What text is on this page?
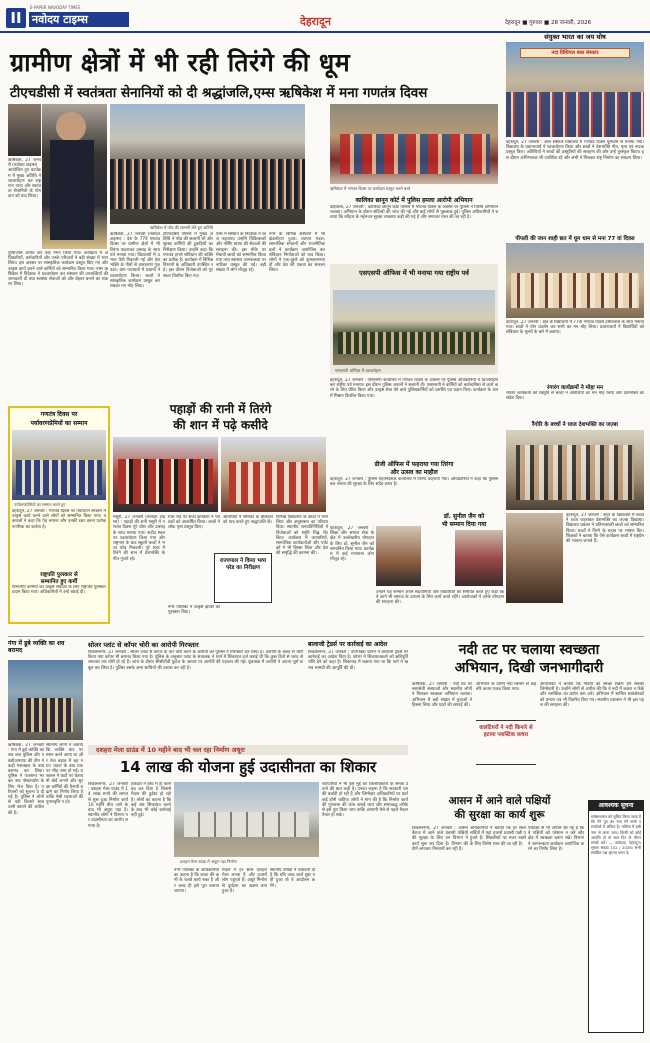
II
E-PAPER NAVODAY TIMES
नवोदय टाइम्स	देहरादून	देहरादून ■ गुरुवार ■ 28 जनवरी, 2026
ग्रामीण क्षेत्रों में भी रही तिरंगे की धूम
टीएचडीसी में स्वतंत्रता सेनानियों को दी श्रद्धांजलि,एम्स ऋषिकेश में मना गणतंत्र दिवस
संयुक्त भारत का जय घोष
नदा प्रिंसिपल बाल संस्कार
ऋषिकेश, 27 जनवरी (नवोदय टाइम्स)
आयोजित हुए कार्यक्रम में मुख्य अतिथि ने ध्वजारोहण कर राष्ट्रगान गाया और स्वतंत्रता सेनानियों के योगदान को याद किया।
पुष्पांजलि अर्पित कर उन्हें नमन किया गया। कार्यक्रम में अधिकारियों, कर्मचारियों और उनके परिजनों ने बड़ी संख्या में भाग लिया। इस अवसर पर सांस्कृतिक कार्यक्रम प्रस्तुत किए गए और उत्कृष्ट कार्य करने वाले कर्मियों को सम्मानित किया गया। एम्स ऋषिकेश में निदेशक ने ध्वजारोहण कर संस्थान की उपलब्धियों की जानकारी दी तथा स्वास्थ्य सेवाओं को और बेहतर बनाने का संकल्प लिया।
ऋषिकेश में परेड की सलामी लेते हुए अतिथि
ऋषिकेश में गणतंत्र दिवस पर कार्यक्रम प्रस्तुत करते बच्चे
ऋषिकेश, 27 जनवरी (नवोदय टाइम्स) : देश के 77वें गणतंत्र दिवस पर ग्रामीण क्षेत्रों में भी तिरंगा फहराकर उत्साह के साथ पर्व मनाया गया। विद्यालयों में प्रभात फेरी निकाली गई और देशभक्ति के गीतों से वातावरण गूंज उठा। ग्राम पंचायतों में प्रधानों ने ध्वजारोहण किया। बच्चों ने सांस्कृतिक कार्यक्रम प्रस्तुत कर सबका मन मोह लिया।
टीएचडीसी परिसर में मुख्य अतिथि ने परेड की सलामी ली और सुरक्षा कर्मियों की टुकड़ियों का निरीक्षण किया। उन्होंने कहा कि गणतंत्र हमारे संविधान की शक्ति का प्रतीक है। कार्यक्रम में विभिन्न विभागों के अधिकारी उपस्थित रहे। इस दौरान विजेताओं को पुरस्कार वितरित किए गए।
एम्स में संस्थान के निदेशक ने ध्वज फहराया। उन्होंने चिकित्सकों और नर्सिंग स्टाफ की सेवाओं की सराहना की। इस मौके पर मेधावी छात्रों को सम्मानित किया गया तथा स्वास्थ्य जागरूकता पर नाटिका प्रस्तुत की गई। बड़ी संख्या में लोग मौजूद रहे।
नगर के विभिन्न संस्थानों में भी झंडारोहण हुआ। व्यापार मंडल, सामाजिक संगठनों और राजनीतिक दलों ने कार्यक्रम आयोजित कर संविधान निर्माताओं को याद किया। लोगों ने एक-दूसरे को शुभकामनाएं दीं और देश की एकता का संकल्प लिया।
कालिका छानून कोर्ट में पुलिस हमला आरोपी अभियान
डोईवाला, 27 जनवरी : कालिका छानून कोर्ट परिसर में गणतंत्र दिवस के अवसर पर पुलिस ने विशेष अभियान चलाया। अभियान के दौरान संदिग्धों की जांच की गई और कई लोगों से पूछताछ हुई। पुलिस अधिकारियों ने बताया कि त्यौहार के मद्देनजर सुरक्षा व्यवस्था कड़ी की गई है और लगातार गश्त की जा रही है।
एसएसपी ऑफिस में भी मनाया गया राष्ट्रीय पर्व
एसएसपी ऑफिस में ध्वजारोहण
देहरादून, 27 जनवरी : एसएसपी कार्यालय में गणतंत्र दिवस के अवसर पर पुलिस अधिकारियों ने ध्वजारोहण कर राष्ट्रीय पर्व मनाया। इस दौरान पुलिस जवानों ने सलामी दी। एसएसपी ने कर्मियों को कर्तव्यनिष्ठा से कार्य करने के लिए प्रेरित किया और उत्कृष्ट सेवा देने वाले पुलिसकर्मियों को प्रशस्ति पत्र प्रदान किए। कार्यक्रम के अंत में मिष्ठान वितरित किया गया।
डीजी ऑफिस में फहराया गया तिरंगा
और उत्सव का माहौल
देहरादून, 27 जनवरी : पुलिस महानिदेशक कार्यालय में तिरंगा फहराया गया। अधिकारियों ने कहा कि पुलिस बल जनता की सुरक्षा के लिए सदैव तत्पर है।
देहरादून, 27 जनवरी : बाल संस्कार विद्यालय में गणतंत्र दिवस धूमधाम से मनाया गया। विद्यालय के प्रधानाचार्य ने ध्वजारोहण किया और छात्रों ने देशभक्ति गीत, नृत्य एवं नाटक प्रस्तुत किए। अतिथियों ने बच्चों की प्रस्तुतियों की सराहना की और उन्हें पुरस्कृत किया। इस दौरान अभिभावक भी उपस्थित रहे और सभी ने मिलकर राष्ट्र निर्माण का संकल्प लिया।
पीपली की जान शाही छत में धूम धाम से मना 77 वां दिवस
देहरादून, 27 जनवरी : क्षेत्र के विद्यालयों में 77वां गणतंत्र दिवस हर्षोल्लास के साथ मनाया गया। छात्रों ने योग प्रदर्शन कर सभी का मन मोह लिया। प्रधानाचार्य ने विद्यार्थियों को संविधान के मूल्यों के बारे में बताया।
रंगारंग कार्यक्रमों ने मोहा मन
रंगारंग कार्यक्रमों की प्रस्तुति से बच्चों ने अतिथियों का मन मोह लिया और देशभक्ति का संदेश दिया।
रैंगोरि के बच्चों ने ध्वज देशभक्ति का जज़्बा
देहरादून, 27 जनवरी : शहर के विद्यालयों में बच्चों ने ध्वज फहराकर देशभक्ति का जज़्बा दिखाया। विद्यालय प्रबंधन ने प्रतिभाशाली छात्रों को सम्मानित किया। बच्चों ने तिरंगे के महत्व पर भाषण दिए। शिक्षकों ने बताया कि ऐसे कार्यक्रम बच्चों में राष्ट्रप्रेम की भावना जगाते हैं।
गणतंत्र दिवस पर
पर्यावरणप्रेमियों का सम्मान
पर्यावरणप्रेमियों का सम्मान करते हुए
देहरादून, 27 जनवरी : गणतंत्र दिवस पर पर्यावरण संरक्षण में उत्कृष्ट कार्य करने वाले लोगों को सम्मानित किया गया। वक्ताओं ने कहा कि पेड़ लगाना और उनकी रक्षा करना प्रत्येक नागरिक का कर्तव्य है।
राष्ट्रपति पुरस्कार से
सम्मानित हुए कर्मी
विभागीय कर्मियों को उत्कृष्ट सेवाओं के लिए राष्ट्रपति पुरस्कार प्रदान किया गया। अधिकारियों ने उन्हें बधाई दी।
पहाड़ों की रानी में तिरंगे
की शान में पढ़े कसीदे
मसूरी, 27 जनवरी (नवोदय टाइम्स) : पहाड़ों की रानी मसूरी में गणतंत्र दिवस पूरे जोश और उत्साह के साथ मनाया गया। शहीद स्थल पर ध्वजारोहण किया गया और राष्ट्रगान के बाद स्कूली बच्चों ने भव्य परेड निकाली। पूरे शहर में तिरंगे की शान में देशभक्ति के गीत गूंजते रहे।
माल रोड पर सजी झांकियों ने पर्यटकों को आकर्षित किया। बच्चों ने लोक नृत्य प्रस्तुत किए।
राज्यपाल ने किया भव्य परेड का निरीक्षण
नगर पालिका ने उत्कृष्ट झांकी को पुरस्कार दिया।
अतिथियों ने सैनिकों के बलिदान को याद करते हुए श्रद्धांजलि दी।
विभिन्न विद्यालयों के छात्रों ने भाग लिया और अनुशासन का परिचय दिया। स्थानीय जनप्रतिनिधियों ने विजेताओं को स्मृति चिह्न भेंट किए। कार्यक्रम में व्यापारियों, सामाजिक कार्यकर्ताओं और पर्यटकों ने भी हिस्सा लिया और देश की समृद्धि की कामना की।
डॉ. सुनील जैन को
भी सम्मान दिया गया
देहरादून, 27 जनवरी : शिक्षा और समाज सेवा के क्षेत्र में उल्लेखनीय योगदान के लिए डॉ. सुनील जैन को सम्मानित किया गया। कार्यक्रम में कई गणमान्य लोग मौजूद रहे।
उन्होंने यह सम्मान अपने सहयोगियों और विद्यार्थियों को समर्पित करते हुए कहा कि वे आगे भी समाज के उत्थान के लिए कार्य करते रहेंगे। आयोजकों ने उनके योगदान की सराहना की।
गंगा में डूबे व्यक्ति का शव बरामद
ऋषिकेश, 27 जनवरी : गंगा में डूबे व्यक्ति का शव जल पुलिस और एसडीआरएफ की टीम ने कड़ी मशक्कत के बाद बरामद कर लिया। पुलिस ने पंचनामा भरकर शव पोस्टमार्टम के लिए भेज दिया है। परिजनों को सूचना दे दी गई है। पुलिस ने लोगों से नदी किनारे सावधानी बरतने की अपील की है।
स्थानीय लोगों ने बताया कि व्यक्ति घाट पर स्नान करने आया था और तेज बहाव में बह गया। घटना के बाद घाट पर भीड़ जमा हो गई। प्रशासन ने घाटों पर चेतावनी बोर्ड लगाने और सुरक्षा कर्मियों की तैनाती बढ़ाने का निर्णय लिया है ताकि ऐसी घटनाओं की पुनरावृत्ति न हो।
सोलर प्लांट से कॉपर चोरी का आरोपी गिरफ्तार
विकासनगर, 27 जनवरी : सोलर प्लांट से कॉपर के तार चोरी करने के आरोपी को पुलिस ने गिरफ्तार कर लिया है। आरोपी के कब्जे से चोरी किया गया कॉपर भी बरामद किया गया है। पुलिस के अनुसार प्लांट के संचालक ने थाने में शिकायत दर्ज कराई थी कि कुछ दिनों से प्लांट से लगातार तार चोरी हो रहे हैं। जांच के दौरान सीसीटीवी फुटेज के आधार पर आरोपी की पहचान की गई। पूछताछ में आरोपी ने अपना जुर्म कबूल कर लिया है। पुलिस उसके अन्य साथियों की तलाश कर रही है।
बालाजी ट्रेडर्स पर कार्रवाई का आदेश
विकासनगर, 27 जनवरी : उपभोक्ता फोरम ने बालाजी ट्रेडर्स पर कार्रवाई का आदेश दिया है। फोरम ने शिकायतकर्ता को क्षतिपूर्ति राशि देने को कहा है। शिकायत में बताया गया था कि फर्म ने खराब सामग्री की आपूर्ति की थी।
दशहरा मेला ग्राउंड में 10 महीने बाद भी चल रहा निर्माण अधूरा
14 लाख की योजना हुई उदासीनता का शिकार
विकासनगर, 27 जनवरी : दशहरा मेला ग्राउंड में 14 लाख रुपये की लागत से शुरू हुआ निर्माण कार्य 10 महीने बीत जाने के बाद भी अधूरा पड़ा है। स्थानीय लोगों ने विभाग पर उदासीनता का आरोप लगाया है।
ठेकेदार ने बीच में ही काम बंद कर दिया है जिससे मैदान की दुर्दशा हो रही है। लोगों का कहना है कि कई बार शिकायत करने के बाद भी कोई कार्रवाई नहीं हुई।
दशहरा मेला ग्राउंड में अधूरा पड़ा निर्माण
नगर पालिका के अधिकारियों का कहना है कि बजट की कमी के चलते कार्य रुका है और जल्द ही इसे पूरा कराया जाएगा।
मैदान में हर साल दशहरा मेला लगता है और हजारों लोग पहुंचते हैं। अधूरे निर्माण से दुर्घटना का खतरा बना हुआ है।
स्थानीय पार्षदों ने चेतावनी दी है कि यदि जल्द कार्य शुरू नहीं हुआ तो वे आंदोलन करेंगे।
व्यापारियों ने भी इस मुद्दे को जिलाधिकारी के समक्ष उठाने की बात कही है। उनका कहना है कि सरकारी धन की बर्बादी हो रही है और जिम्मेदार अधिकारियों पर कार्रवाई होनी चाहिए। लोगों ने मांग की है कि निर्माण कार्य की गुणवत्ता की जांच कराई जाए और समयबद्ध तरीके से इसे पूरा किया जाए ताकि आगामी मेले से पहले मैदान तैयार हो सके।
नदी तट पर चलाया स्वच्छता
अभियान, दिखी जनभागीदारी
ऋषिकेश, 27 जनवरी : नदी तट पर स्वयंसेवी संस्थाओं और स्थानीय लोगों ने मिलकर स्वच्छता अभियान चलाया। अभियान में बड़ी संख्या में युवाओं ने हिस्सा लिया और घाटों की सफाई की।
वालंटियरों ने नदी किनारे से हटाया प्लास्टिक कचरा
अभियान के दौरान नदी किनारे से कई बोरे कचरा एकत्र किया गया।
आयोजकों ने बताया कि नदियों को स्वच्छ रखना हम सबकी जिम्मेदारी है। उन्होंने लोगों से अपील की कि वे नदी में कचरा न फेंकें और प्लास्टिक का प्रयोग कम करें। अभियान में शामिल स्वयंसेवकों को प्रमाण पत्र भी वितरित किए गए। स्थानीय प्रशासन ने भी इस पहल की सराहना की।
आसन में आने वाले पक्षियों
की सुरक्षा का कार्य शुरू
विकासनगर, 27 जनवरी : आसन बैराज में आने वाले प्रवासी पक्षियों की सुरक्षा के लिए वन विभाग ने कार्य शुरू कर दिया है। विभाग की टीमें लगातार निगरानी कर रही हैं।
अधिकारियों ने बताया कि हर साल सर्दियों में यहां हजारों प्रवासी पक्षी पहुंचते हैं। शिकारियों पर नजर रखने के लिए विशेष गश्त की जा रही है।
पर्यटकों से भी अपील की गई है कि वे पक्षियों को परेशान न करें और क्षेत्र में स्वच्छता बनाए रखें। विभाग ने जागरूकता कार्यक्रम आयोजित करने का निर्णय लिया है।
आवश्यक सूचना
सर्वसाधारण को सूचित किया जाता है कि मेरे पुत्र का नाम मेरे सभी दस्तावेजों में अंकित है। भविष्य में इसी नाम से जाना जाए। किसी को कोई आपत्ति हो तो सात दिन के भीतर संपर्क करें। — आवेदक, देहरादून। सूचना संख्या 102 / 2026। सभी संबंधित पक्ष कृपया ध्यान दें।
